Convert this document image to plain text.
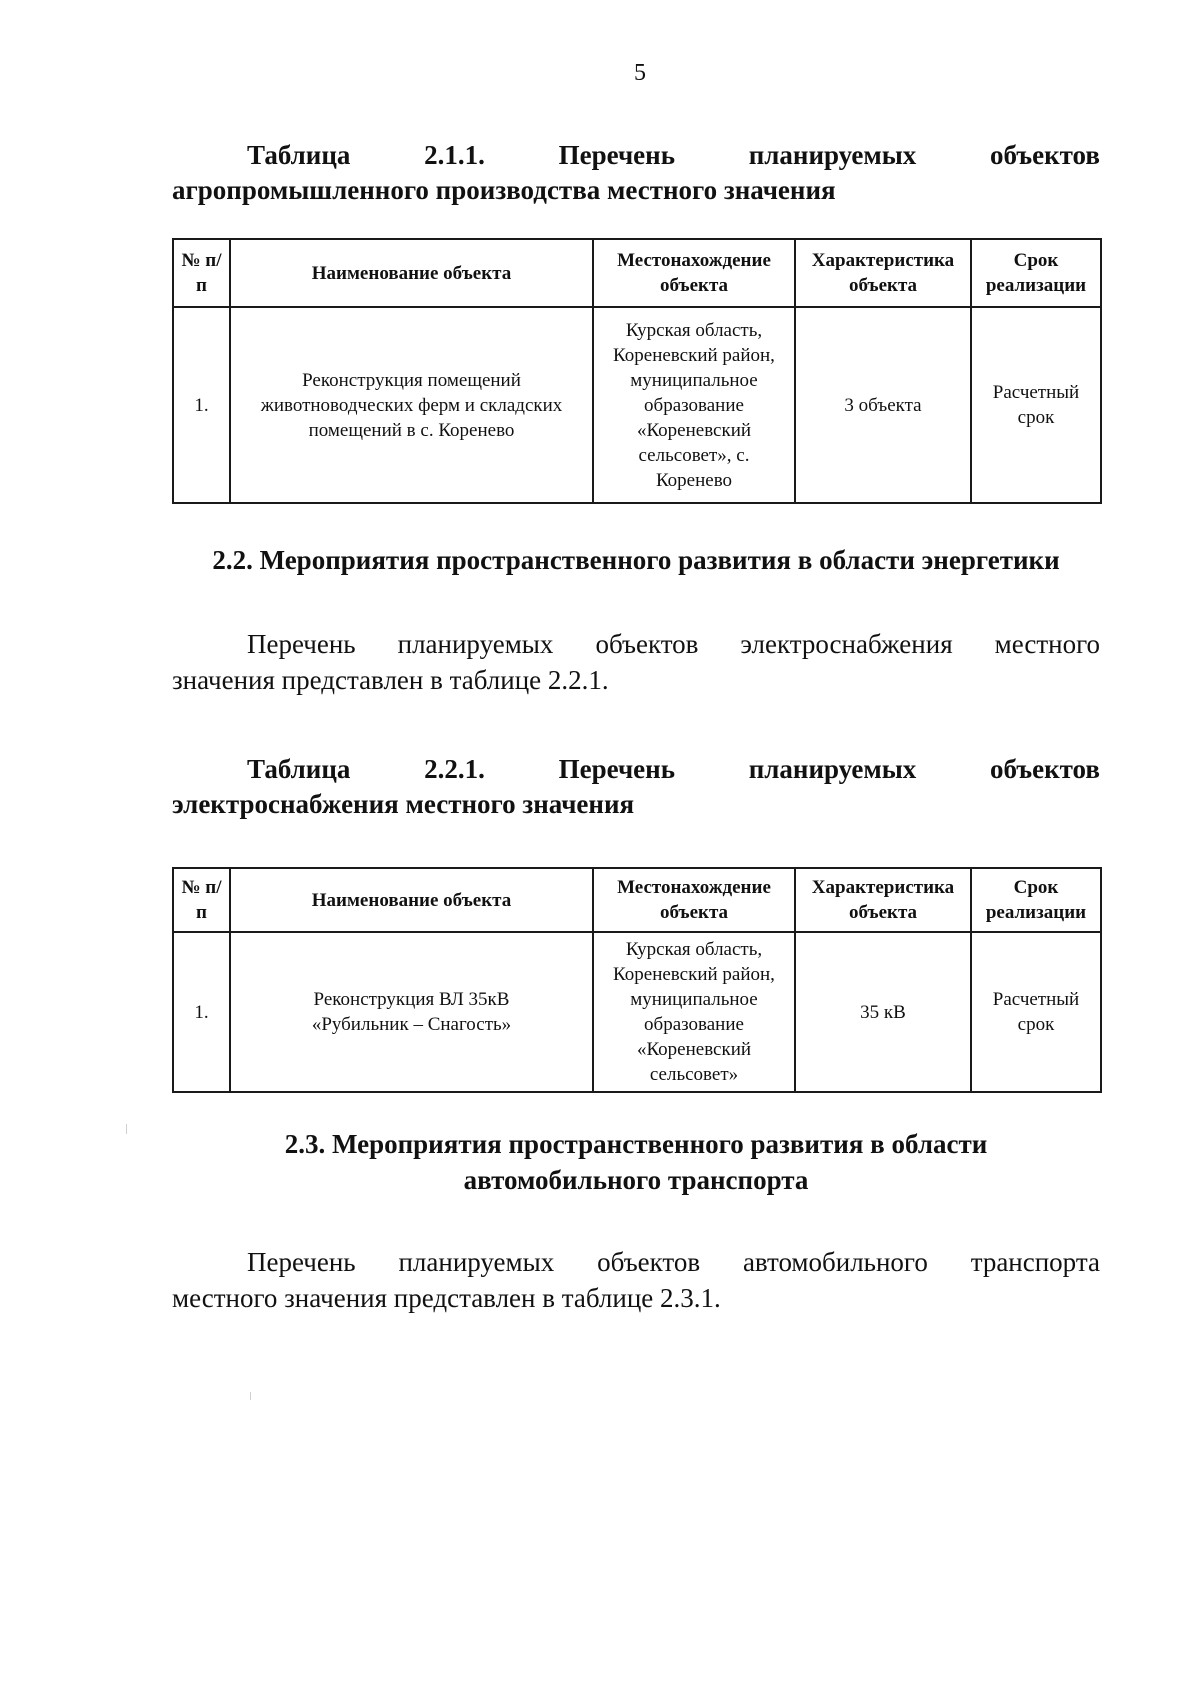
5
Таблица	2.1.1.	Перечень	планируемых	объектов
агропромышленного производства местного значения
№ п/п	Наименование объекта	Местонахождение объекта	Характеристика объекта	Срок реализации
1.	Реконструкция помещений животноводческих ферм и складских помещений в с. Коренево	Курская область, Кореневский район, муниципальное образование «Кореневский сельсовет», с. Коренево	3 объекта	Расчетный срок
2.2. Мероприятия пространственного развития в области энергетики
Перечень планируемых объектов электроснабжения местного
значения представлен в таблице 2.2.1.
Таблица	2.2.1.	Перечень	планируемых	объектов
электроснабжения местного значения
№ п/п	Наименование объекта	Местонахождение объекта	Характеристика объекта	Срок реализации
1.	Реконструкция ВЛ 35кВ «Рубильник – Снагость»	Курская область, Кореневский район, муниципальное образование «Кореневский сельсовет»	35 кВ	Расчетный срок
2.3. Мероприятия пространственного развития в области
автомобильного транспорта
Перечень планируемых объектов автомобильного транспорта
местного значения представлен в таблице 2.3.1.
